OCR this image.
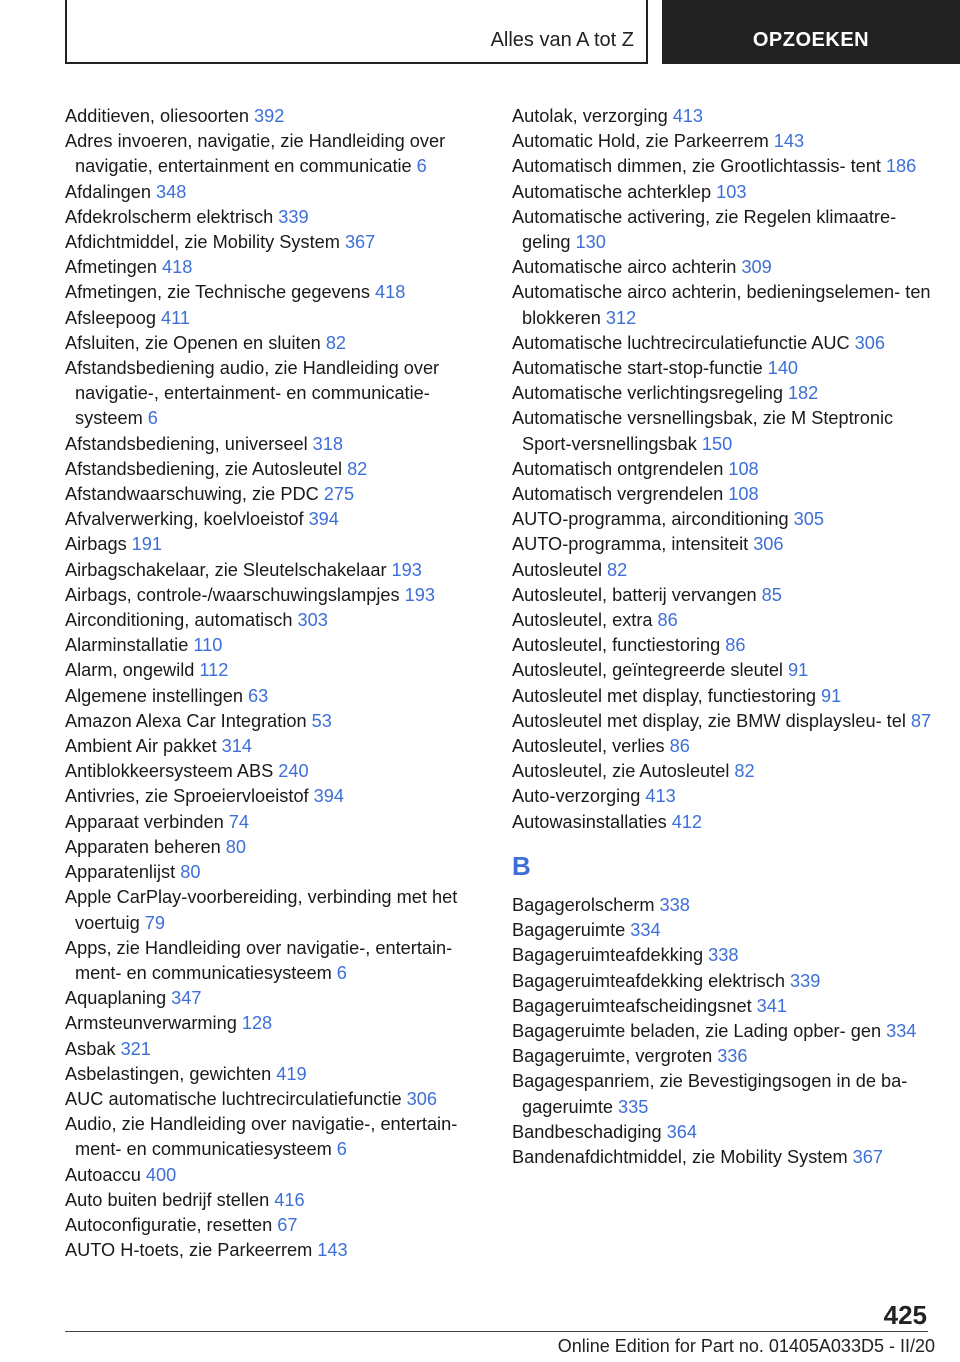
Alles van A tot Z	OPZOEKEN
Additieven, oliesoorten 392
Adres invoeren, navigatie, zie Handleiding over navigatie, entertainment en communicatie 6
Afdalingen 348
Afdekrolscherm elektrisch 339
Afdichtmiddel, zie Mobility System 367
Afmetingen 418
Afmetingen, zie Technische gegevens 418
Afsleepoog 411
Afsluiten, zie Openen en sluiten 82
Afstandsbediening audio, zie Handleiding over navigatie-, entertainment- en communicatie- systeem 6
Afstandsbediening, universeel 318
Afstandsbediening, zie Autosleutel 82
Afstandwaarschuwing, zie PDC 275
Afvalverwerking, koelvloeistof 394
Airbags 191
Airbagschakelaar, zie Sleutelschakelaar 193
Airbags, controle-/waarschuwingslampjes 193
Airconditioning, automatisch 303
Alarminstallatie 110
Alarm, ongewild 112
Algemene instellingen 63
Amazon Alexa Car Integration 53
Ambient Air pakket 314
Antiblokkeersysteem ABS 240
Antivries, zie Sproeiervloeistof 394
Apparaat verbinden 74
Apparaten beheren 80
Apparatenlijst 80
Apple CarPlay-voorbereiding, verbinding met het voertuig 79
Apps, zie Handleiding over navigatie-, entertain- ment- en communicatiesysteem 6
Aquaplaning 347
Armsteunverwarming 128
Asbak 321
Asbelastingen, gewichten 419
AUC automatische luchtrecirculatiefunctie 306
Audio, zie Handleiding over navigatie-, entertain- ment- en communicatiesysteem 6
Autoaccu 400
Auto buiten bedrijf stellen 416
Autoconfiguratie, resetten 67
AUTO H-toets, zie Parkeerrem 143
Autolak, verzorging 413
Automatic Hold, zie Parkeerrem 143
Automatisch dimmen, zie Grootlichtassis- tent 186
Automatische achterklep 103
Automatische activering, zie Regelen klimaatre- geling 130
Automatische airco achterin 309
Automatische airco achterin, bedieningselemen- ten blokkeren 312
Automatische luchtrecirculatiefunctie AUC 306
Automatische start-stop-functie 140
Automatische verlichtingsregeling 182
Automatische versnellingsbak, zie M Steptronic Sport-versnellingsbak 150
Automatisch ontgrendelen 108
Automatisch vergrendelen 108
AUTO-programma, airconditioning 305
AUTO-programma, intensiteit 306
Autosleutel 82
Autosleutel, batterij vervangen 85
Autosleutel, extra 86
Autosleutel, functiestoring 86
Autosleutel, geïntegreerde sleutel 91
Autosleutel met display, functiestoring 91
Autosleutel met display, zie BMW displaysleu- tel 87
Autosleutel, verlies 86
Autosleutel, zie Autosleutel 82
Auto-verzorging 413
Autowasinstallaties 412
B
Bagagerolscherm 338
Bagageruimte 334
Bagageruimteafdekking 338
Bagageruimteafdekking elektrisch 339
Bagageruimteafscheidingsnet 341
Bagageruimte beladen, zie Lading opber- gen 334
Bagageruimte, vergroten 336
Bagagespanriem, zie Bevestigingsogen in de ba- gageruimte 335
Bandbeschadiging 364
Bandenafdichtmiddel, zie Mobility System 367
425
Online Edition for Part no. 01405A033D5 - II/20
